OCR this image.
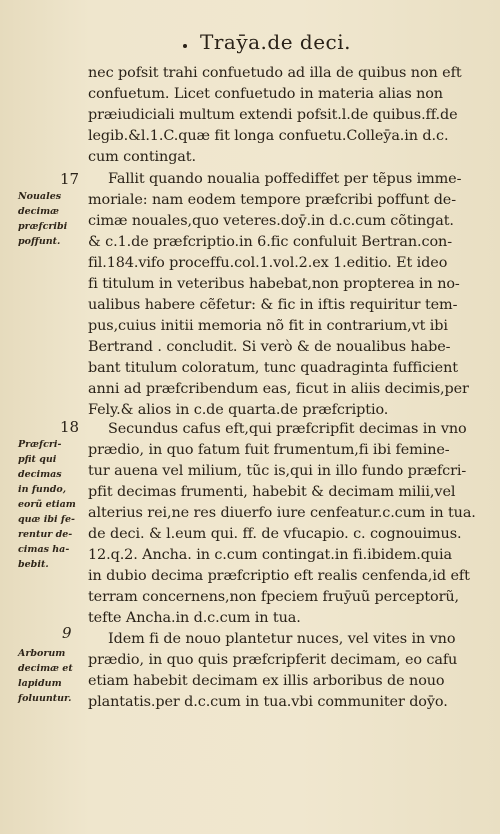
Traȳa.de deci.
nec pofsit trahi confuetudo ad illa de quibus non eft
confuetum. Licet confuetudo in materia alias non
præiudiciali multum extendi pofsit.l.de quibus.ff.de
legib.&l.1.C.quæ fit longa confuetu.Colleȳa.in d.c.
cum contingat.
Fallit quando noualia poffediffet per tẽpus imme-
moriale: nam eodem tempore præfcribi poffunt de-
cimæ nouales,quo veteres.doȳ.in d.c.cum cõtingat.
& c.1.de præfcriptio.in 6.fic confuluit Bertran.con-
fil.184.vifo proceffu.col.1.vol.2.ex 1.editio. Et ideo
fi titulum in veteribus habebat,non propterea in no-
ualibus habere cẽfetur: & fic in iftis requiritur tem-
pus,cuius initii memoria nõ fit in contrarium,vt ibi
Bertrand . concludit. Si verò & de noualibus habe-
bant titulum coloratum, tunc quadraginta fufficient
anni ad præfcribendum eas, ficut in aliis decimis,per
Fely.& alios in c.de quarta.de præfcriptio.
Secundus cafus eft,qui præfcripfit decimas in vno
prædio, in quo fatum fuit frumentum,fi ibi femine-
tur auena vel milium, tũc is,qui in illo fundo præfcri-
pfit decimas frumenti, habebit & decimam milii,vel
alterius rei,ne res diuerfo iure cenfeatur.c.cum in tua.
de deci. & l.eum qui. ff. de vfucapio. c. cognouimus.
12.q.2. Ancha. in c.cum contingat.in fi.ibidem.quia
in dubio decima præfcriptio eft realis cenfenda,id eft
terram concernens,non fpeciem fruȳuũ perceptorũ,
tefte Ancha.in d.c.cum in tua.
Idem fi de nouo plantetur nuces, vel vites in vno
prædio, in quo quis præfcripferit decimam, eo cafu
etiam habebit decimam ex illis arboribus de nouo
plantatis.per d.c.cum in tua.vbi communiter doȳo.
17
18
9
Nouales
decimæ
præfcribi
poffunt.
Præfcri-
pfit qui
decimas
in fundo,
eorũ etiam
quæ ibi fe-
rentur de-
cimas ha-
bebit.
Arborum
decimæ et
lapidum
foluuntur.
